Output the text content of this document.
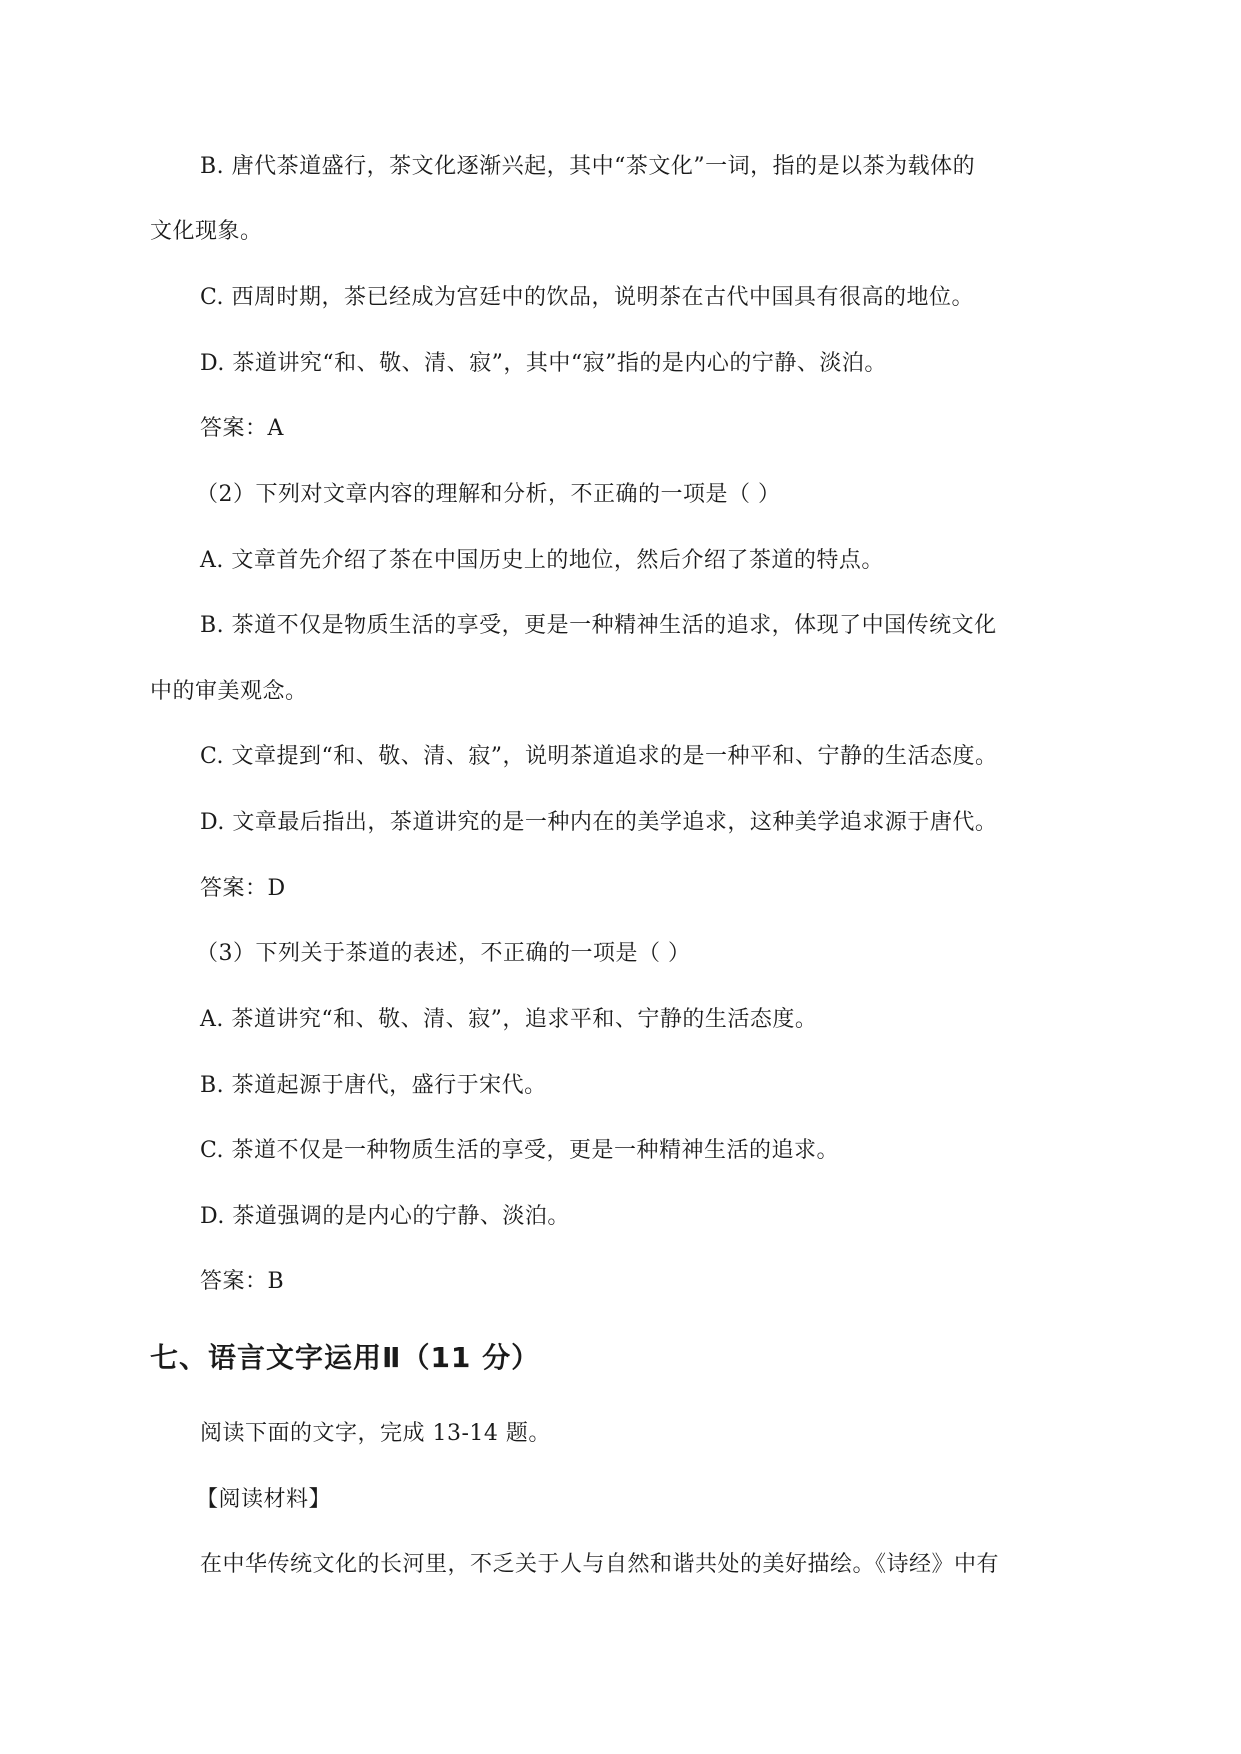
B. 唐代茶道盛行，茶文化逐渐兴起，其中“茶文化”一词，指的是以茶为载体的
文化现象。
C. 西周时期，茶已经成为宫廷中的饮品，说明茶在古代中国具有很高的地位。
D. 茶道讲究“和、敬、清、寂”，其中“寂”指的是内心的宁静、淡泊。
答案：A
（2）下列对文章内容的理解和分析，不正确的一项是（ ）
A. 文章首先介绍了茶在中国历史上的地位，然后介绍了茶道的特点。
B. 茶道不仅是物质生活的享受，更是一种精神生活的追求，体现了中国传统文化
中的审美观念。
C. 文章提到“和、敬、清、寂”，说明茶道追求的是一种平和、宁静的生活态度。
D. 文章最后指出，茶道讲究的是一种内在的美学追求，这种美学追求源于唐代。
答案：D
（3）下列关于茶道的表述，不正确的一项是（ ）
A. 茶道讲究“和、敬、清、寂”，追求平和、宁静的生活态度。
B. 茶道起源于唐代，盛行于宋代。
C. 茶道不仅是一种物质生活的享受，更是一种精神生活的追求。
D. 茶道强调的是内心的宁静、淡泊。
答案：B
七、语言文字运用Ⅱ（11 分）
阅读下面的文字，完成 13-14 题。
【阅读材料】
在中华传统文化的长河里，不乏关于人与自然和谐共处的美好描绘。《诗经》中有
